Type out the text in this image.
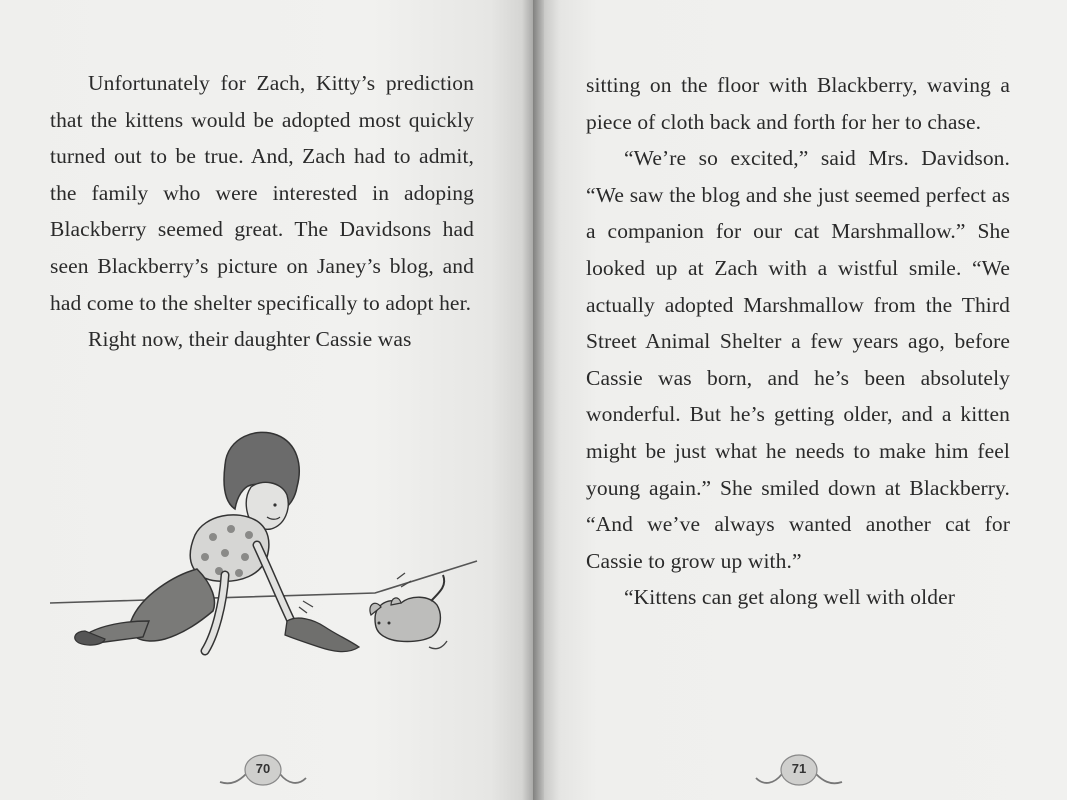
Unfortunately for Zach, Kitty’s prediction that the kittens would be adopted most quickly turned out to be true. And, Zach had to admit, the family who were interested in adoping Blackberry seemed great. The Davidsons had seen Blackberry’s picture on Janey’s blog, and had come to the shelter specifically to adopt her.

Right now, their daughter Cassie was

70

sitting on the floor with Blackberry, waving a piece of cloth back and forth for her to chase.

“We’re so excited,” said Mrs. Davidson. “We saw the blog and she just seemed perfect as a companion for our cat Marshmallow.” She looked up at Zach with a wistful smile. “We actually adopted Marshmallow from the Third Street Animal Shelter a few years ago, before Cassie was born, and he’s been absolutely wonderful. But he’s getting older, and a kitten might be just what he needs to make him feel young again.” She smiled down at Blackberry. “And we’ve always wanted another cat for Cassie to grow up with.”

“Kittens can get along well with older

71
